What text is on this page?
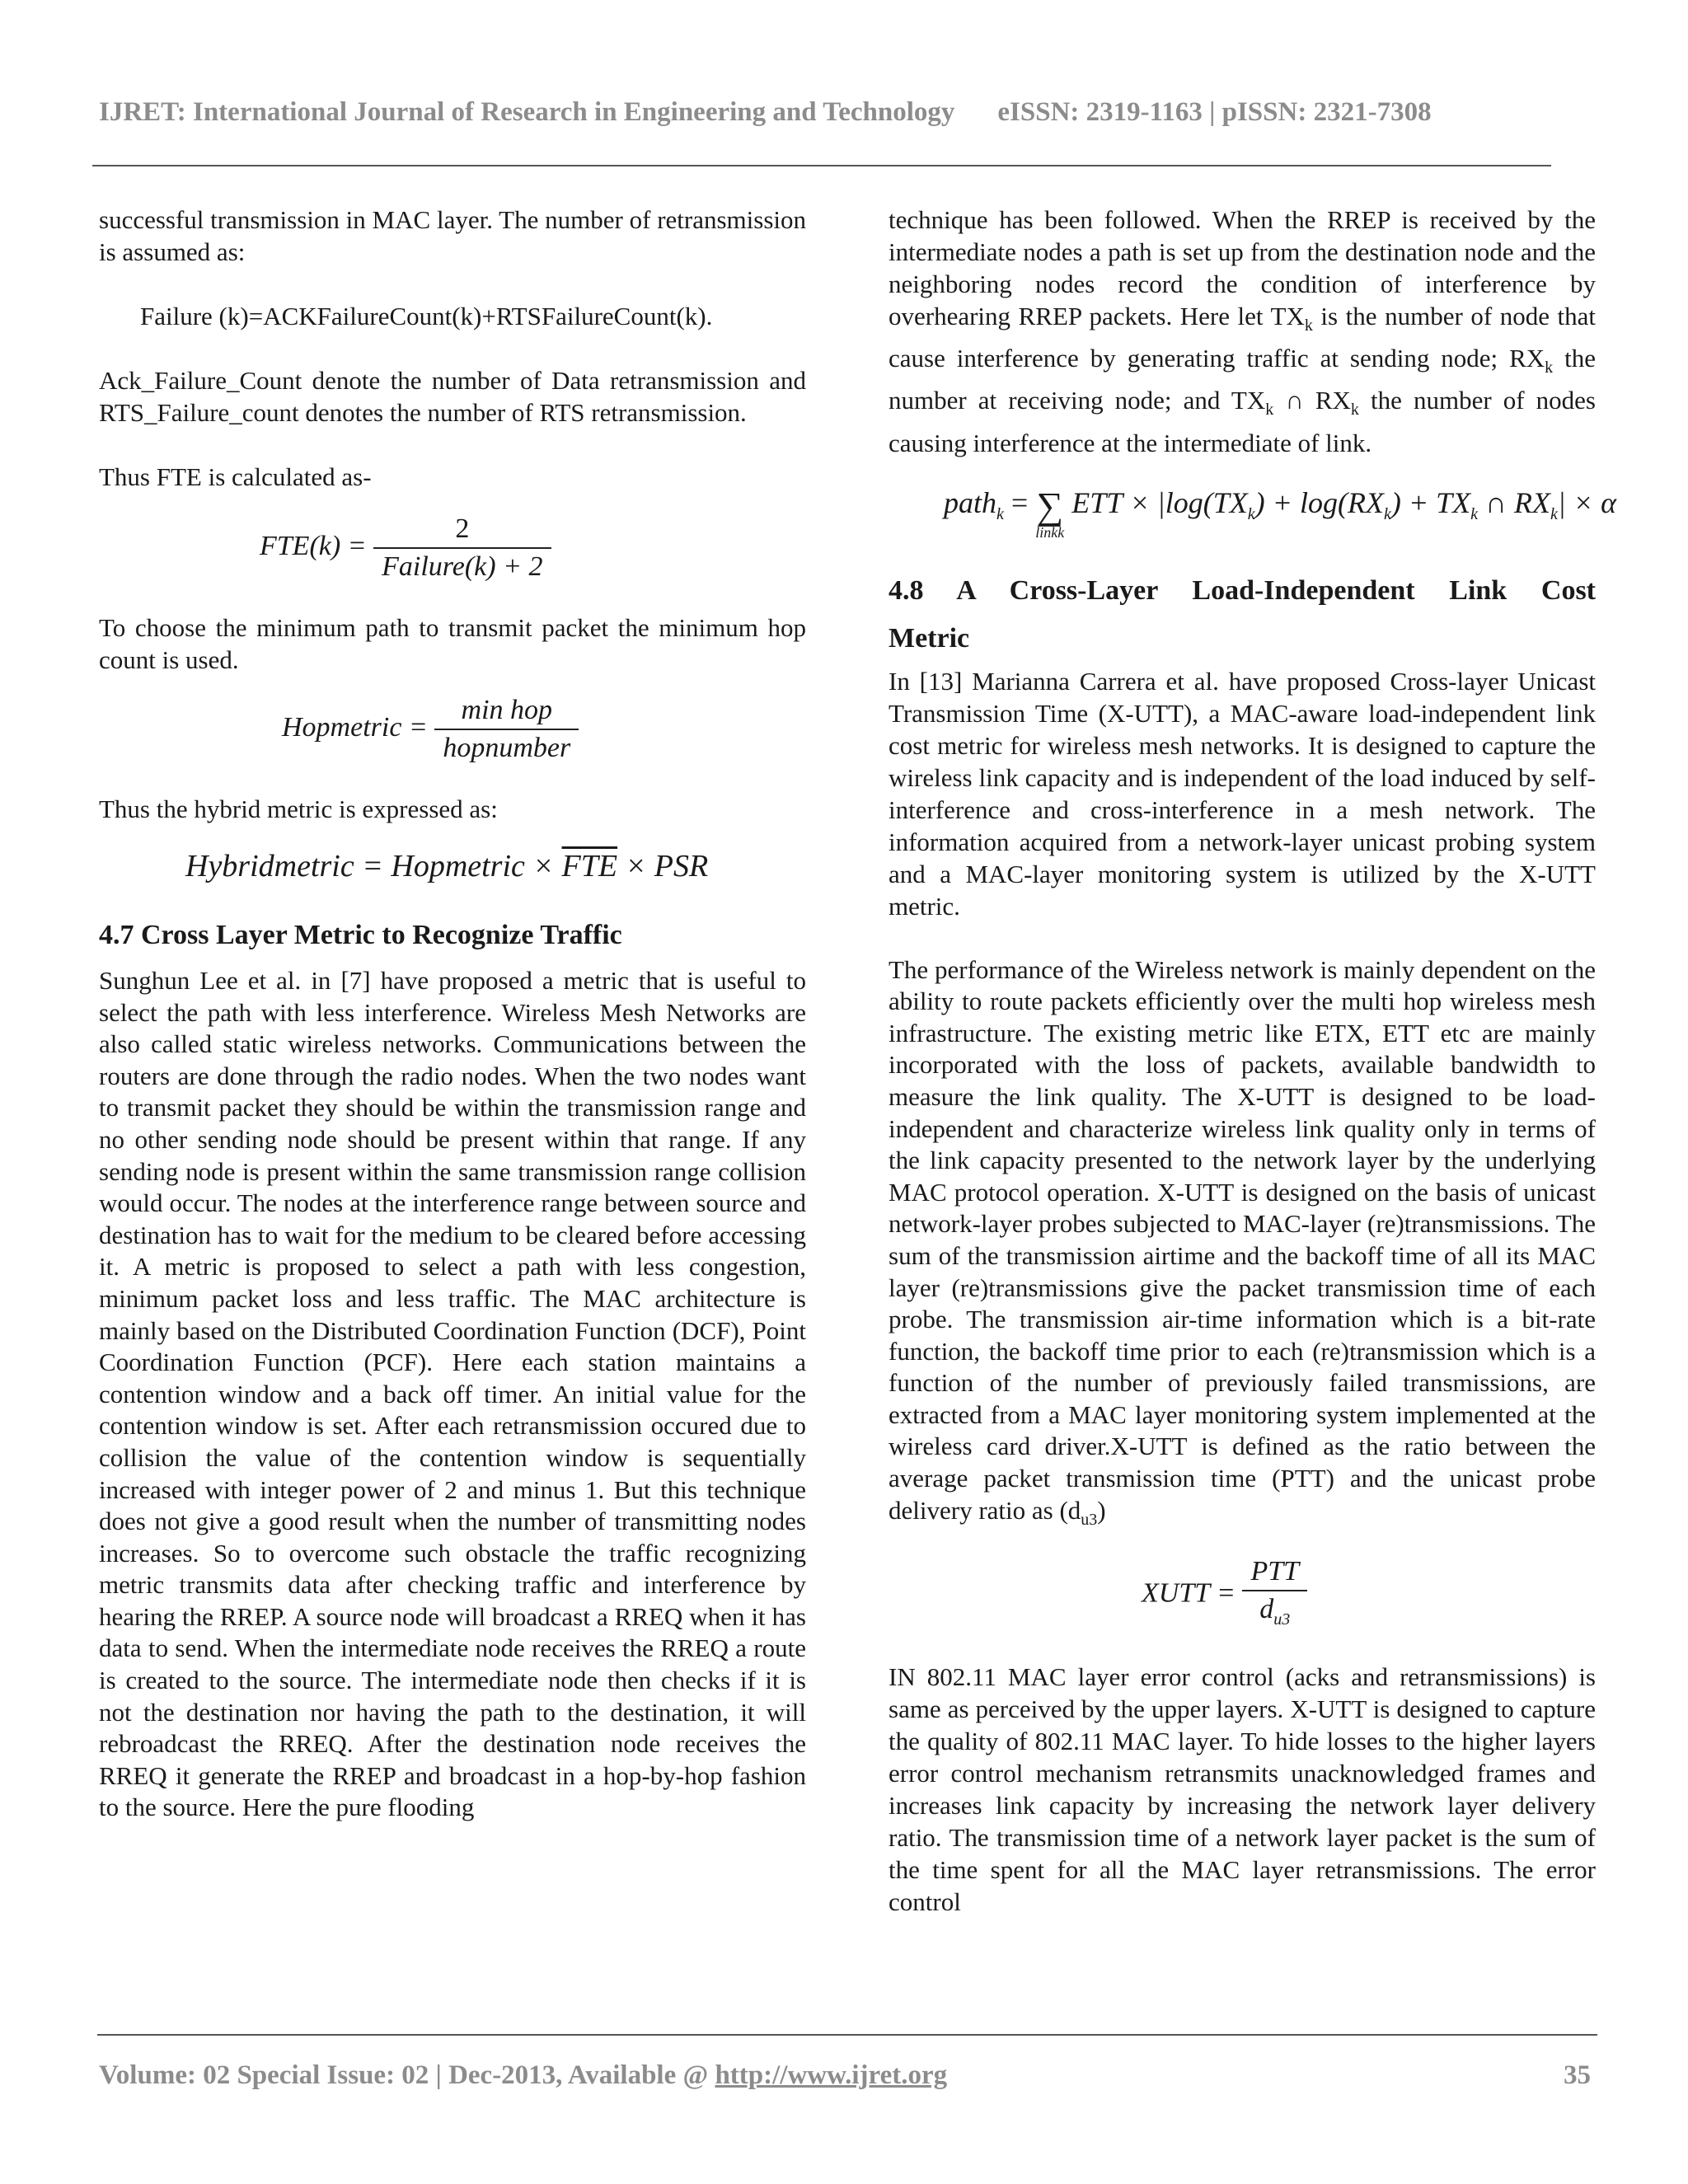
IJRET: International Journal of Research in Engineering and Technology eISSN: 2319-1163 | pISSN: 2321-7308

successful transmission in MAC layer. The number of retransmission is assumed as:

Failure (k)=ACKFailureCount(k)+RTSFailureCount(k).

Ack_Failure_Count denote the number of Data retransmission and RTS_Failure_count denotes the number of RTS retransmission.

Thus FTE is calculated as-

$FTE(k) = \frac{2}{\text{Failure(k) + 2}}$

To choose the minimum path to transmit packet the minimum hop count is used.

Hopmetric = $\frac{\text{min hop}}{\text{hopnumber}}$

Thus the hybrid metric is expressed as:

Hybridmetric = Hopmetric × $\overline{FTE}$ × PSR

4.7 Cross Layer Metric to Recognize Traffic

Sunghun Lee et al. in [7] have proposed a metric that is useful to select the path with less interference. Wireless Mesh Networks are also called static wireless networks. Communications between the routers are done through the radio nodes. When the two nodes want to transmit packet they should be within the transmission range and no other sending node should be present within that range. If any sending node is present within the same transmission range collision would occur. The nodes at the interference range between source and destination has to wait for the medium to be cleared before accessing it. A metric is proposed to select a path with less congestion, minimum packet loss and less traffic. The MAC architecture is mainly based on the Distributed Coordination Function (DCF), Point Coordination Function (PCF). Here each station maintains a contention window and a back off timer. An initial value for the contention window is set. After each retransmission occured due to collision the value of the contention window is sequentially increased with integer power of 2 and minus 1. But this technique does not give a good result when the number of transmitting nodes increases. So to overcome such obstacle the traffic recognizing metric transmits data after checking traffic and interference by hearing the RREP. A source node will broadcast a RREQ when it has data to send. When the intermediate node receives the RREQ a route is created to the source. The intermediate node then checks if it is not the destination nor having the path to the destination, it will rebroadcast the RREQ. After the destination node receives the RREQ it generate the RREP and broadcast in a hop-by-hop fashion to the source. Here the pure flooding

technique has been followed. When the RREP is received by the intermediate nodes a path is set up from the destination node and the neighboring nodes record the condition of interference by overhearing RREP packets. Here let $TX_k$ is the number of node that cause interference by generating traffic at sending node; $RX_k$ the number at receiving node; and $TX_k$ ∩ $RX_k$ the number of nodes causing interference at the intermediate of link.

path$_k$ = ∑
linkk
ETT × $|\log(TX_k) + \log(RX_k) + TX_k$ ∩ $RX_k| \times \alpha$

4.8 A Cross-Layer Load-Independent Link Cost

Metric

In [13] Marianna Carrera et al. have proposed Cross-layer Unicast Transmission Time (X-UTT), a MAC-aware load-independent link cost metric for wireless mesh networks. It is designed to capture the wireless link capacity and is independent of the load induced by self-interference and cross-interference in a mesh network. The information acquired from a network-layer unicast probing system and a MAC-layer monitoring system is utilized by the X-UTT metric.

The performance of the Wireless network is mainly dependent on the ability to route packets efficiently over the multi hop wireless mesh infrastructure. The existing metric like ETX, ETT etc are mainly incorporated with the loss of packets, available bandwidth to measure the link quality. The X-UTT is designed to be load-independent and characterize wireless link quality only in terms of the link capacity presented to the network layer by the underlying MAC protocol operation. X-UTT is designed on the basis of unicast network-layer probes subjected to MAC-layer (re)transmissions. The sum of the transmission airtime and the backoff time of all its MAC layer (re)transmissions give the packet transmission time of each probe. The transmission air-time information which is a bit-rate function, the backoff time prior to each (re)transmission which is a function of the number of previously failed transmissions, are extracted from a MAC layer monitoring system implemented at the wireless card driver.X-UTT is defined as the ratio between the average packet transmission time (PTT) and the unicast probe delivery ratio as $(d_{u3})$

XUTT = $\frac{\text{PTT}}{d_{u3}}$

IN 802.11 MAC layer error control (acks and retransmissions) is same as perceived by the upper layers. X-UTT is designed to capture the quality of 802.11 MAC layer. To hide losses to the higher layers error control mechanism retransmits unacknowledged frames and increases link capacity by increasing the network layer delivery ratio. The transmission time of a network layer packet is the sum of the time spent for all the MAC layer retransmissions. The error control

Volume: 02 Special Issue: 02 | Dec-2013, Available @ http://www.ijret.org	35
